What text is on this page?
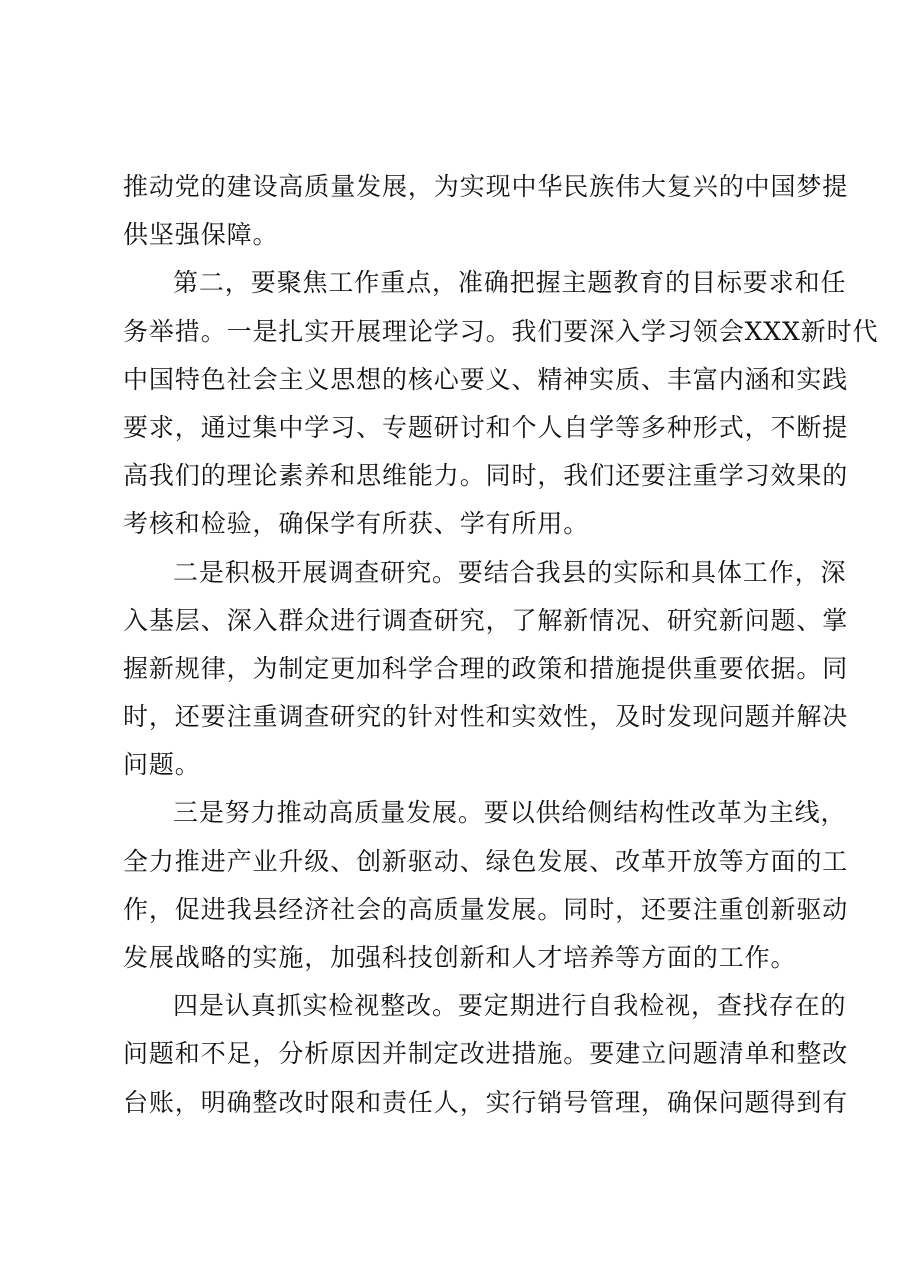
推动党的建设高质量发展，为实现中华民族伟大复兴的中国梦提
供坚强保障。
第二，要聚焦工作重点，准确把握主题教育的目标要求和任
务举措。一是扎实开展理论学习。我们要深入学习领会XXX新时代
中国特色社会主义思想的核心要义、精神实质、丰富内涵和实践
要求，通过集中学习、专题研讨和个人自学等多种形式，不断提
高我们的理论素养和思维能力。同时，我们还要注重学习效果的
考核和检验，确保学有所获、学有所用。
二是积极开展调查研究。要结合我县的实际和具体工作，深
入基层、深入群众进行调查研究，了解新情况、研究新问题、掌
握新规律，为制定更加科学合理的政策和措施提供重要依据。同
时，还要注重调查研究的针对性和实效性，及时发现问题并解决
问题。
三是努力推动高质量发展。要以供给侧结构性改革为主线，
全力推进产业升级、创新驱动、绿色发展、改革开放等方面的工
作，促进我县经济社会的高质量发展。同时，还要注重创新驱动
发展战略的实施，加强科技创新和人才培养等方面的工作。
四是认真抓实检视整改。要定期进行自我检视，查找存在的
问题和不足，分析原因并制定改进措施。要建立问题清单和整改
台账，明确整改时限和责任人，实行销号管理，确保问题得到有
